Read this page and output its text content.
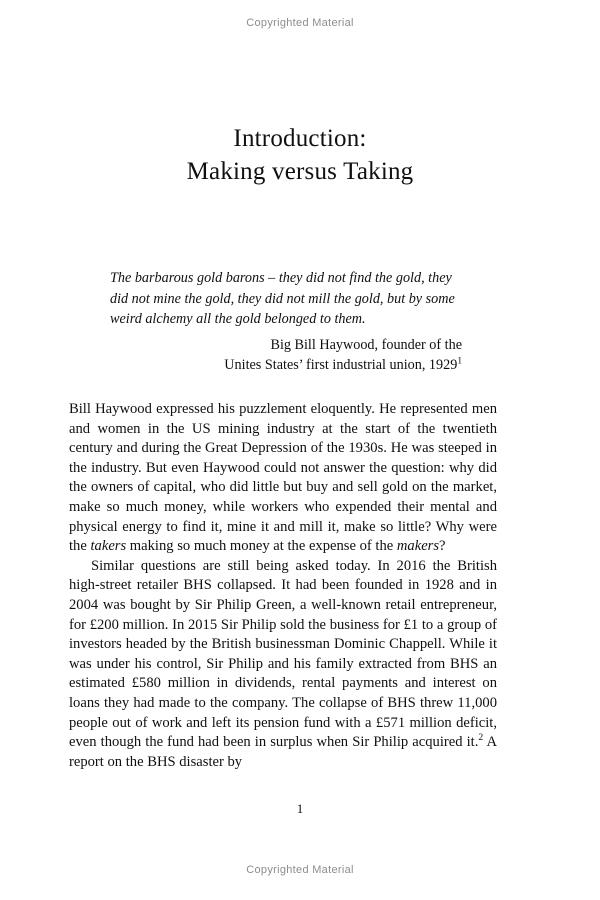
Copyrighted Material
Introduction:
Making versus Taking

The barbarous gold barons – they did not find the gold, they did not mine the gold, they did not mill the gold, but by some weird alchemy all the gold belonged to them.

Big Bill Haywood, founder of the
Unites States’ first industrial union, 1929$^1$

Bill Haywood expressed his puzzlement eloquently. He represented men and women in the US mining industry at the start of the twentieth century and during the Great Depression of the 1930s. He was steeped in the industry. But even Haywood could not answer the question: why did the owners of capital, who did little but buy and sell gold on the market, make so much money, while workers who expended their mental and physical energy to find it, mine it and mill it, make so little? Why were the takers making so much money at the expense of the makers?

Similar questions are still being asked today. In 2016 the British high-street retailer BHS collapsed. It had been founded in 1928 and in 2004 was bought by Sir Philip Green, a well-known retail entrepreneur, for £200 million. In 2015 Sir Philip sold the business for £1 to a group of investors headed by the British businessman Dominic Chappell. While it was under his control, Sir Philip and his family extracted from BHS an estimated £580 million in dividends, rental payments and interest on loans they had made to the company. The collapse of BHS threw 11,000 people out of work and left its pension fund with a £571 million deficit, even though the fund had been in surplus when Sir Philip acquired it.$^2$ A report on the BHS disaster by

1
Copyrighted Material
